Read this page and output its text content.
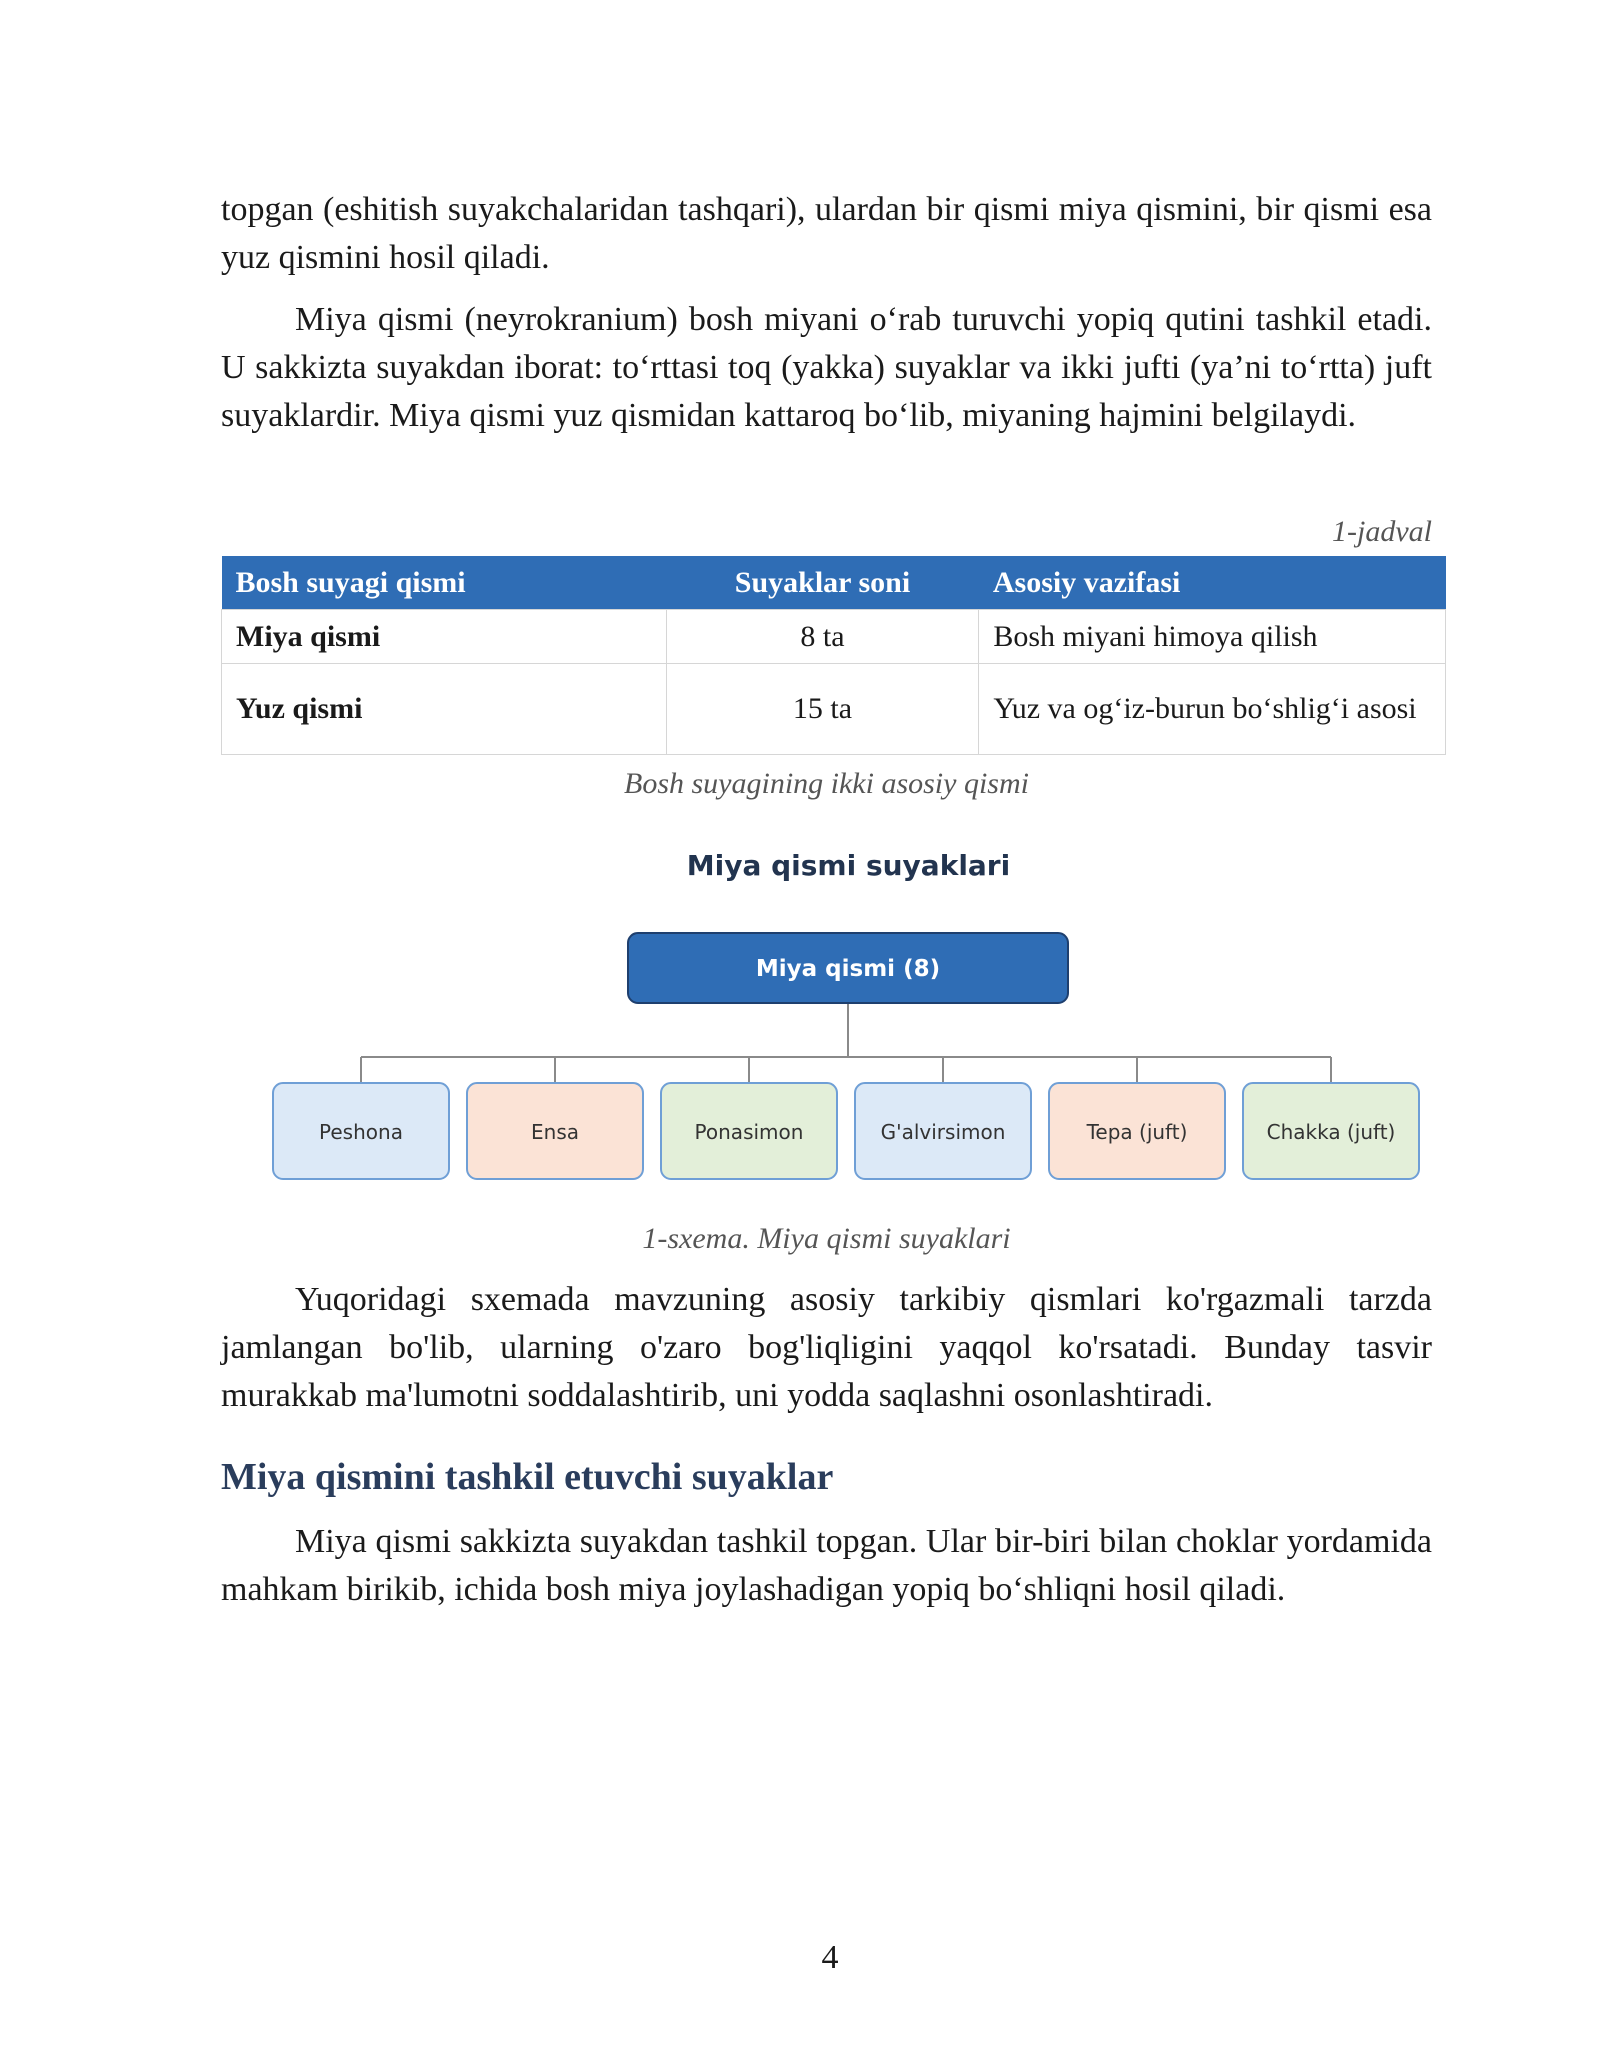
topgan (eshitish suyakchalaridan tashqari), ulardan bir qismi miya qismini, bir qismi esa yuz qismini hosil qiladi.

Miya qismi (neyrokranium) bosh miyani o‘rab turuvchi yopiq qutini tashkil etadi. U sakkizta suyakdan iborat: to‘rttasi toq (yakka) suyaklar va ikki jufti (ya’ni to‘rtta) juft suyaklardir. Miya qismi yuz qismidan kattaroq bo‘lib, miyaning hajmini belgilaydi.

1-jadval
Bosh suyagi qismi	Suyaklar soni	Asosiy vazifasi
Miya qismi	8 ta	Bosh miyani himoya qilish
Yuz qismi	15 ta	Yuz va og‘iz-burun bo‘shlig‘i asosi
Bosh suyagining ikki asosiy qismi
Miya qismi suyaklari
Miya qismi (8)
Peshona	Ensa	Ponasimon	G'alvirsimon	Tepa (juft)	Chakka (juft)
1-sxema. Miya qismi suyaklari

Yuqoridagi sxemada mavzuning asosiy tarkibiy qismlari ko'rgazmali tarzda jamlangan bo'lib, ularning o'zaro bog'liqligini yaqqol ko'rsatadi. Bunday tasvir murakkab ma'lumotni soddalashtirib, uni yodda saqlashni osonlashtiradi.

Miya qismini tashkil etuvchi suyaklar

Miya qismi sakkizta suyakdan tashkil topgan. Ular bir-biri bilan choklar yordamida mahkam birikib, ichida bosh miya joylashadigan yopiq bo‘shliqni hosil qiladi.

4
